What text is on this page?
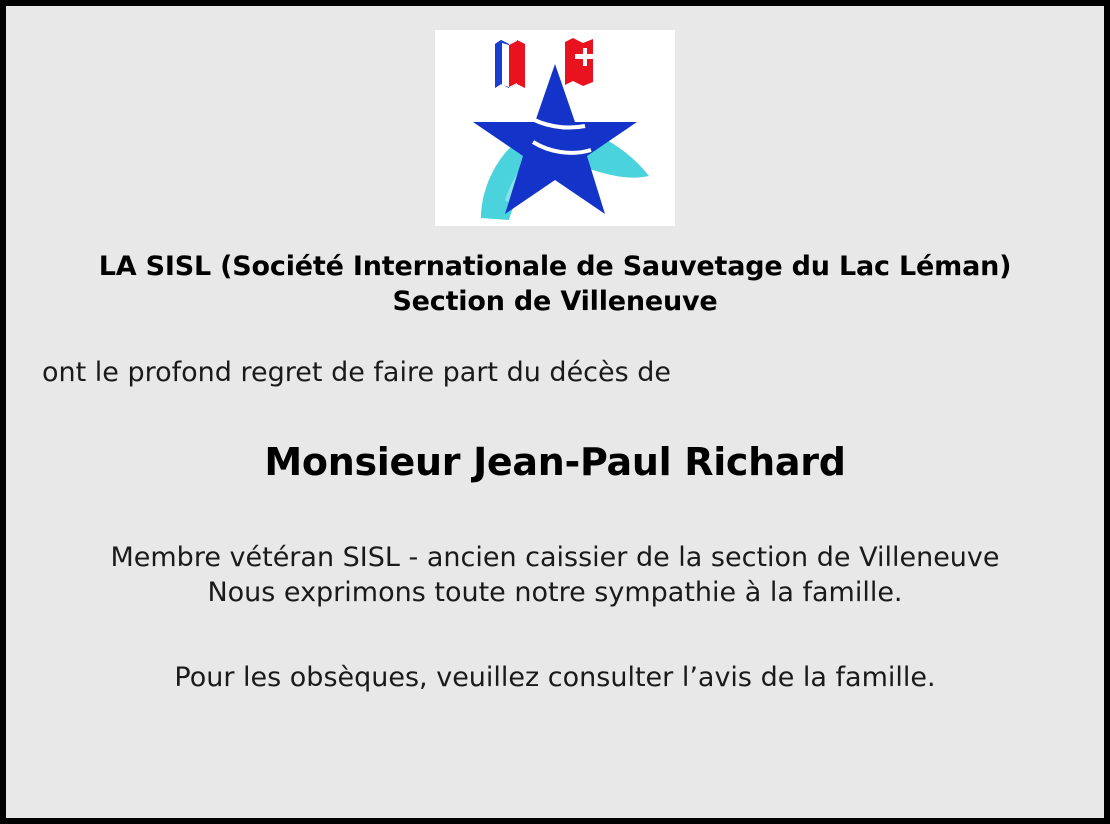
LA SISL (Société Internationale de Sauvetage du Lac Léman)
Section de Villeneuve
ont le profond regret de faire part du décès de
Monsieur Jean-Paul Richard
Membre vétéran SISL - ancien caissier de la section de Villeneuve
Nous exprimons toute notre sympathie à la famille.
Pour les obsèques, veuillez consulter l’avis de la famille.
